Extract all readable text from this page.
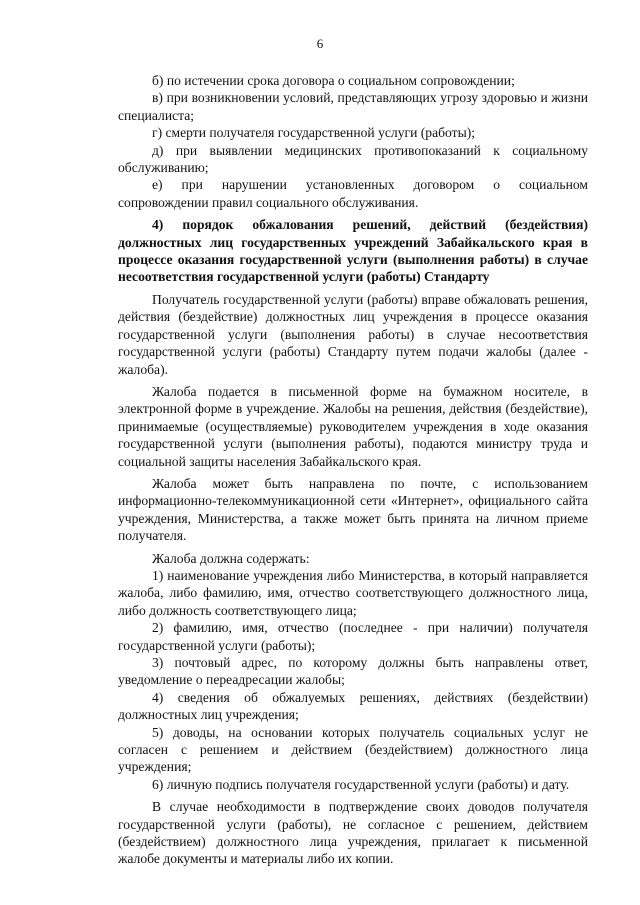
6

б) по истечении срока договора о социальном сопровождении;

в) при возникновении условий, представляющих угрозу здоровью и жизни специалиста;

г) смерти получателя государственной услуги (работы);

д) при выявлении медицинских противопоказаний к социальному обслуживанию;

е) при нарушении установленных договором о социальном сопровождении правил социального обслуживания.

4) порядок обжалования решений, действий (бездействия) должностных лиц государственных учреждений Забайкальского края в процессе оказания государственной услуги (выполнения работы) в случае несоответствия государственной услуги (работы) Стандарту

Получатель государственной услуги (работы) вправе обжаловать решения, действия (бездействие) должностных лиц учреждения в процессе оказания государственной услуги (выполнения работы) в случае несоответствия государственной услуги (работы) Стандарту путем подачи жалобы (далее - жалоба).

Жалоба подается в письменной форме на бумажном носителе, в электронной форме в учреждение. Жалобы на решения, действия (бездействие), принимаемые (осуществляемые) руководителем учреждения в ходе оказания государственной услуги (выполнения работы), подаются министру труда и социальной защиты населения Забайкальского края.

Жалоба может быть направлена по почте, с использованием информационно-телекоммуникационной сети «Интернет», официального сайта учреждения, Министерства, а также может быть принята на личном приеме получателя.

Жалоба должна содержать:

1) наименование учреждения либо Министерства, в который направляется жалоба, либо фамилию, имя, отчество соответствующего должностного лица, либо должность соответствующего лица;

2) фамилию, имя, отчество (последнее - при наличии) получателя государственной услуги (работы);

3) почтовый адрес, по которому должны быть направлены ответ, уведомление о переадресации жалобы;

4) сведения об обжалуемых решениях, действиях (бездействии) должностных лиц учреждения;

5) доводы, на основании которых получатель социальных услуг не согласен с решением и действием (бездействием) должностного лица учреждения;

6) личную подпись получателя государственной услуги (работы) и дату.

В случае необходимости в подтверждение своих доводов получателя государственной услуги (работы), не согласное с решением, действием (бездействием) должностного лица учреждения, прилагает к письменной жалобе документы и материалы либо их копии.
